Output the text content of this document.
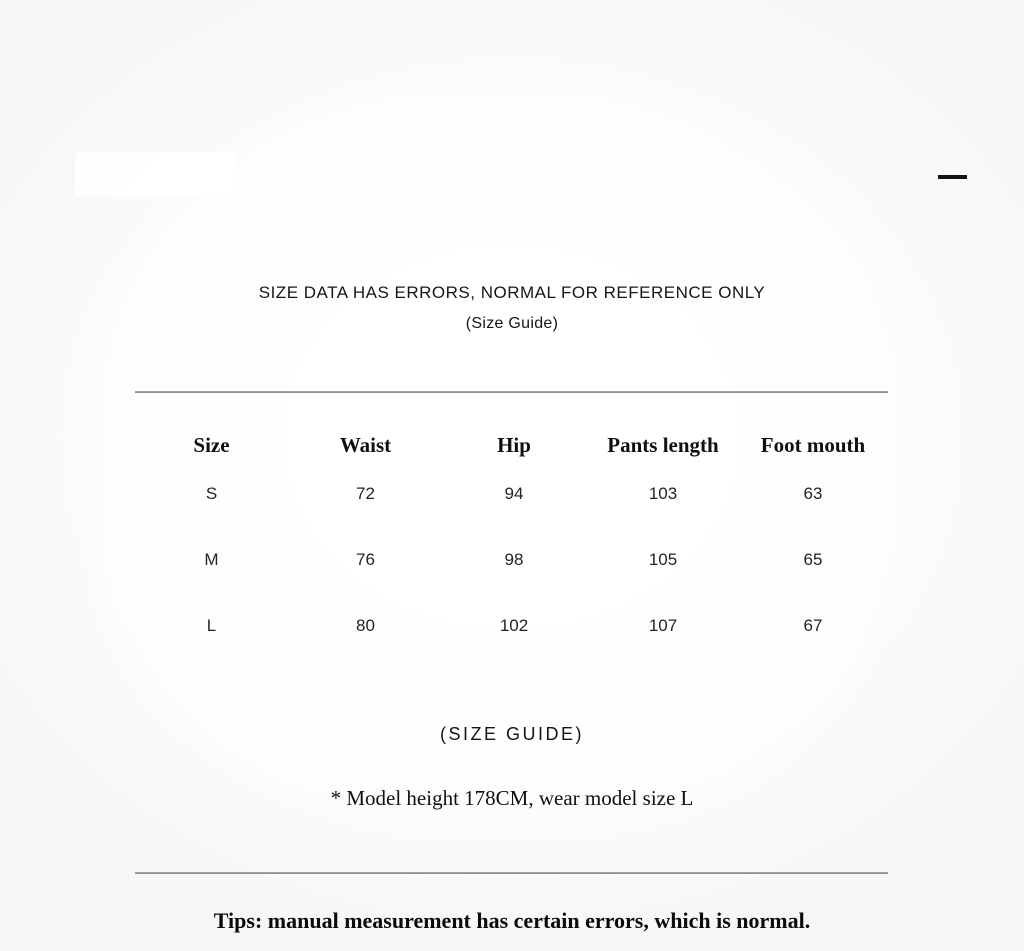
SIZE DATA HAS ERRORS, NORMAL FOR REFERENCE ONLY
(Size Guide)
Size	Waist	Hip	Pants length	Foot mouth
S	72	94	103	63
M	76	98	105	65
L	80	102	107	67
(SIZE GUIDE)
* Model height 178CM, wear model size L
Tips: manual measurement has certain errors, which is normal.
